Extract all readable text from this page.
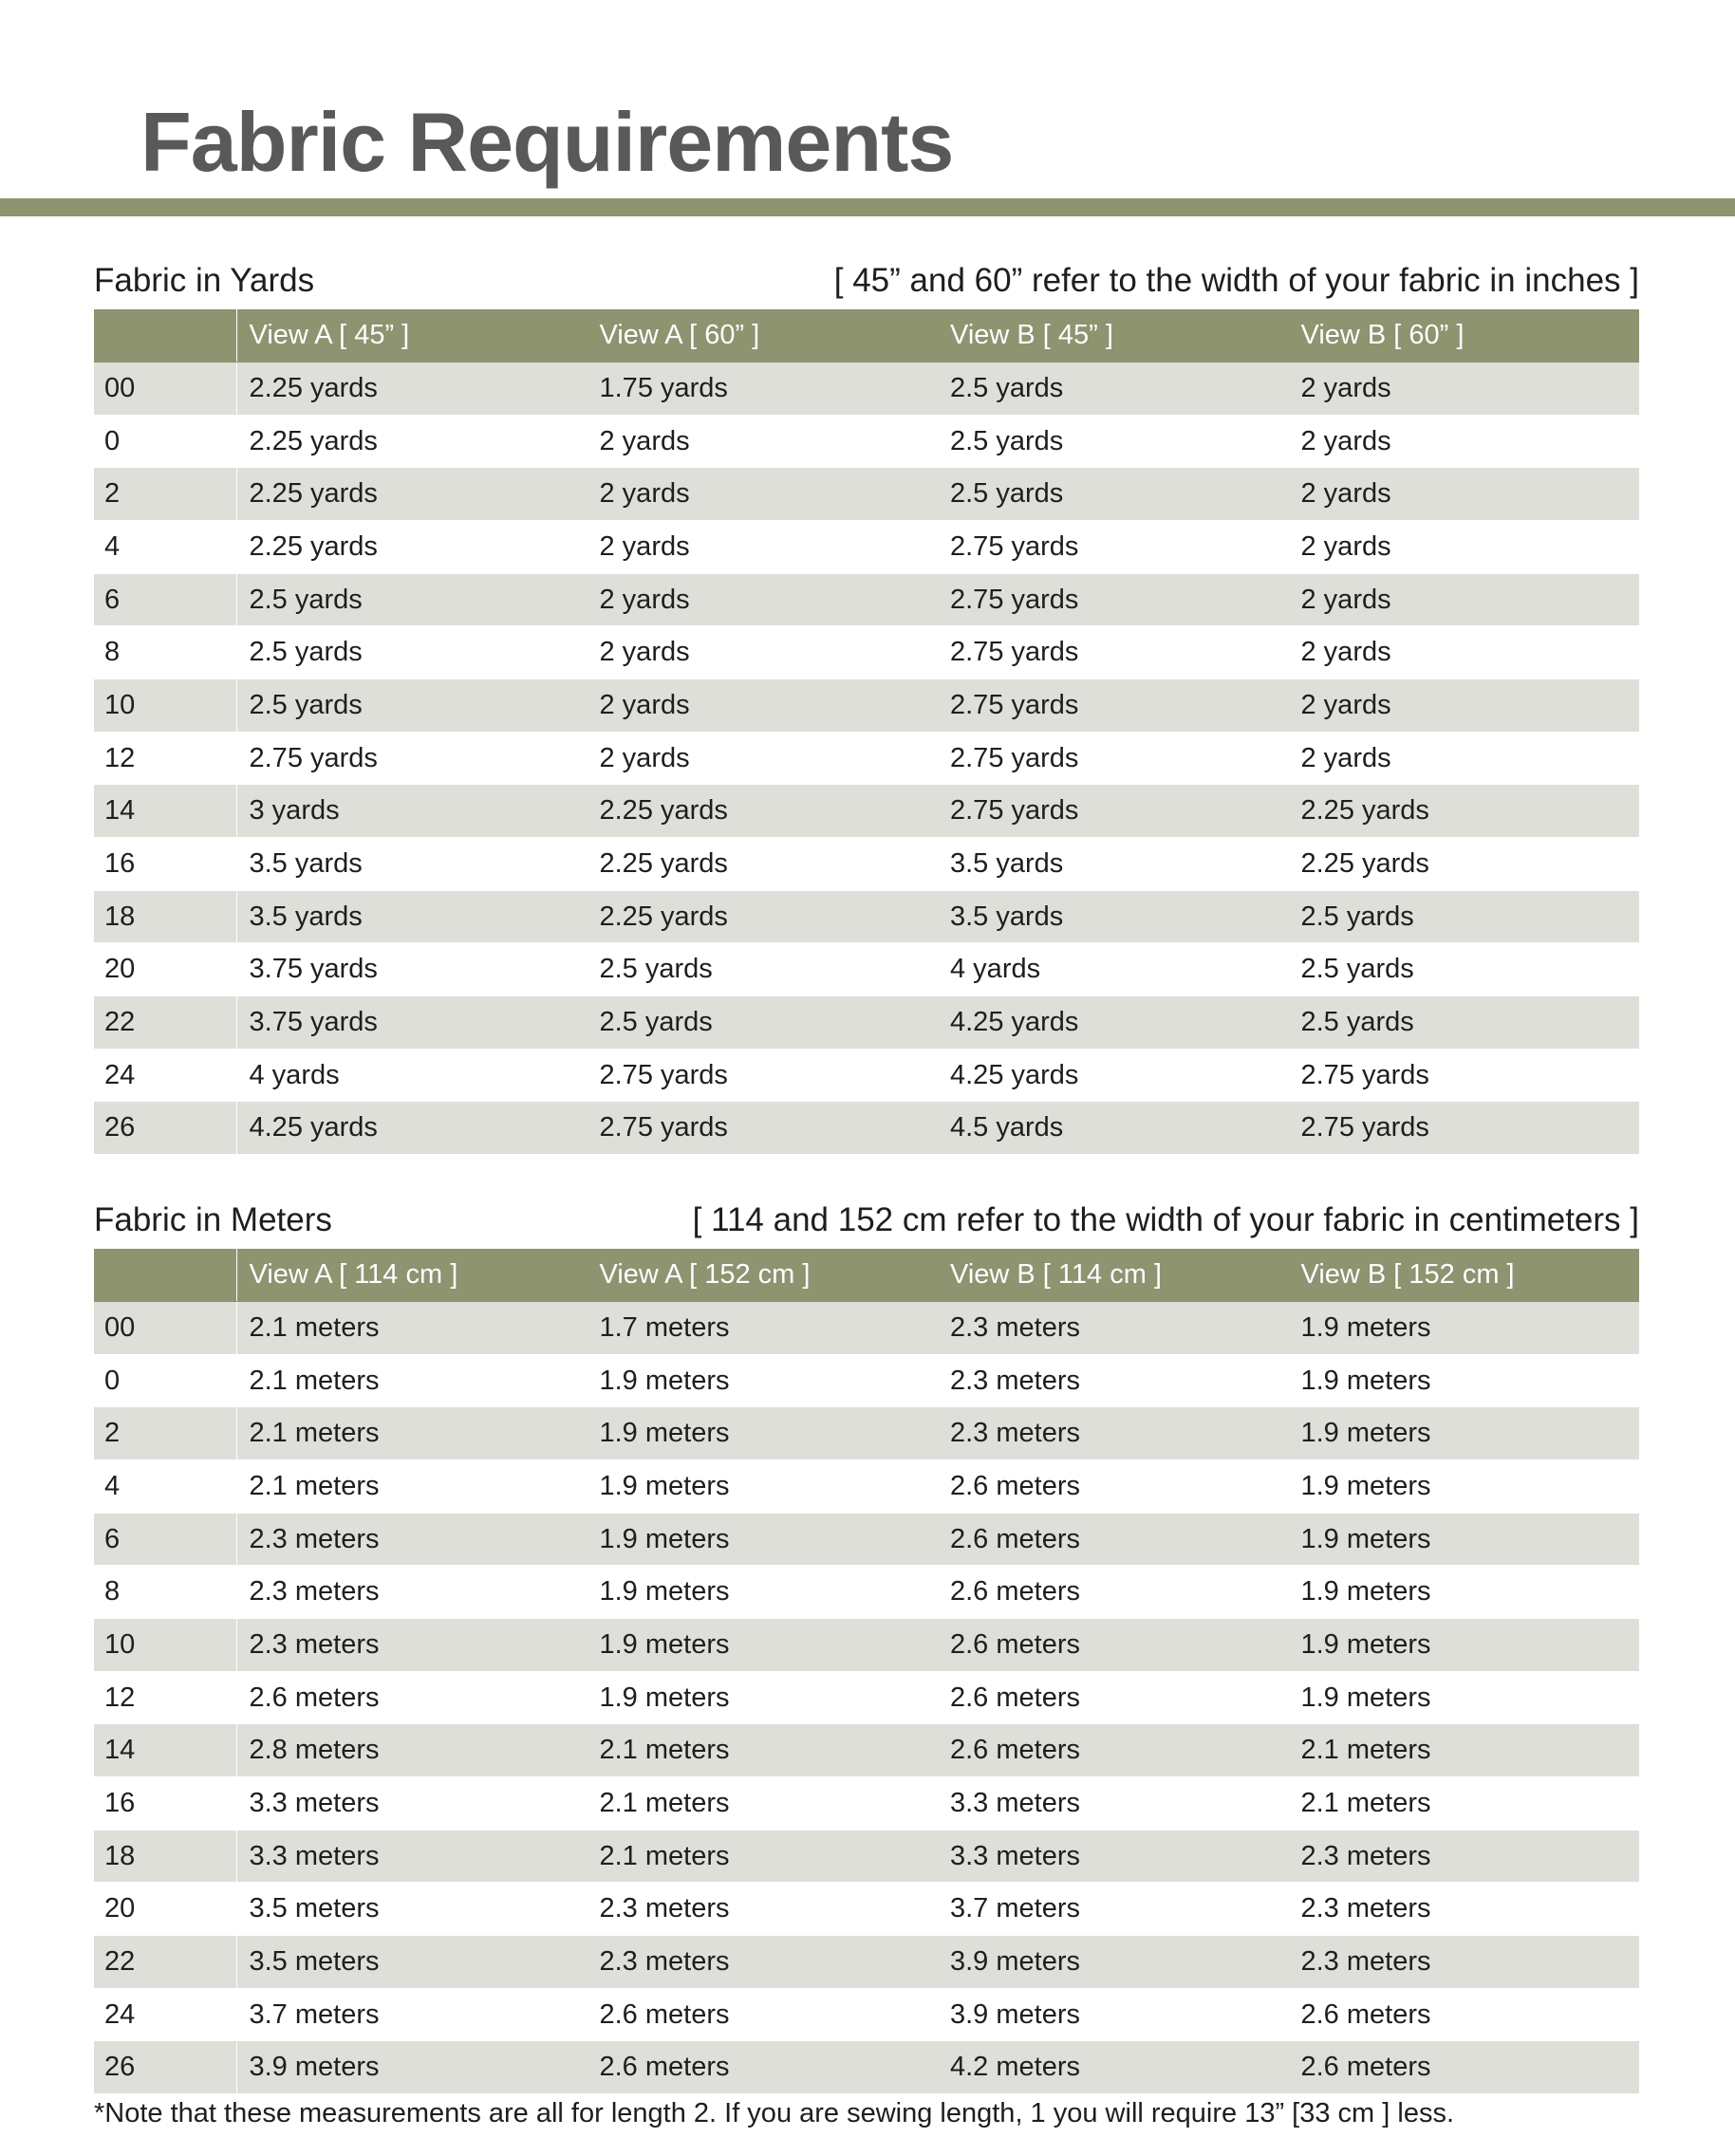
Fabric Requirements
Fabric in Yards	[ 45” and 60” refer to the width of your fabric in inches ]
	View A [ 45” ]	View A [ 60” ]	View B [ 45” ]	View B [ 60” ]
00	2.25 yards	1.75 yards	2.5 yards	2 yards
0	2.25 yards	2 yards	2.5 yards	2 yards
2	2.25 yards	2 yards	2.5 yards	2 yards
4	2.25 yards	2 yards	2.75 yards	2 yards
6	2.5 yards	2 yards	2.75 yards	2 yards
8	2.5 yards	2 yards	2.75 yards	2 yards
10	2.5 yards	2 yards	2.75 yards	2 yards
12	2.75 yards	2 yards	2.75 yards	2 yards
14	3 yards	2.25 yards	2.75 yards	2.25 yards
16	3.5 yards	2.25 yards	3.5 yards	2.25 yards
18	3.5 yards	2.25 yards	3.5 yards	2.5 yards
20	3.75 yards	2.5 yards	4 yards	2.5 yards
22	3.75 yards	2.5 yards	4.25 yards	2.5 yards
24	4 yards	2.75 yards	4.25 yards	2.75 yards
26	4.25 yards	2.75 yards	4.5 yards	2.75 yards
Fabric in Meters	[ 114 and 152 cm refer to the width of your fabric in centimeters ]
	View A [ 114 cm ]	View A [ 152 cm ]	View B [ 114 cm ]	View B [ 152 cm ]
00	2.1 meters	1.7 meters	2.3 meters	1.9 meters
0	2.1 meters	1.9 meters	2.3 meters	1.9 meters
2	2.1 meters	1.9 meters	2.3 meters	1.9 meters
4	2.1 meters	1.9 meters	2.6 meters	1.9 meters
6	2.3 meters	1.9 meters	2.6 meters	1.9 meters
8	2.3 meters	1.9 meters	2.6 meters	1.9 meters
10	2.3 meters	1.9 meters	2.6 meters	1.9 meters
12	2.6 meters	1.9 meters	2.6 meters	1.9 meters
14	2.8 meters	2.1 meters	2.6 meters	2.1 meters
16	3.3 meters	2.1 meters	3.3 meters	2.1 meters
18	3.3 meters	2.1 meters	3.3 meters	2.3 meters
20	3.5 meters	2.3 meters	3.7 meters	2.3 meters
22	3.5 meters	2.3 meters	3.9 meters	2.3 meters
24	3.7 meters	2.6 meters	3.9 meters	2.6 meters
26	3.9 meters	2.6 meters	4.2 meters	2.6 meters
*Note that these measurements are all for length 2. If you are sewing length, 1 you will require 13” [33 cm ] less.
